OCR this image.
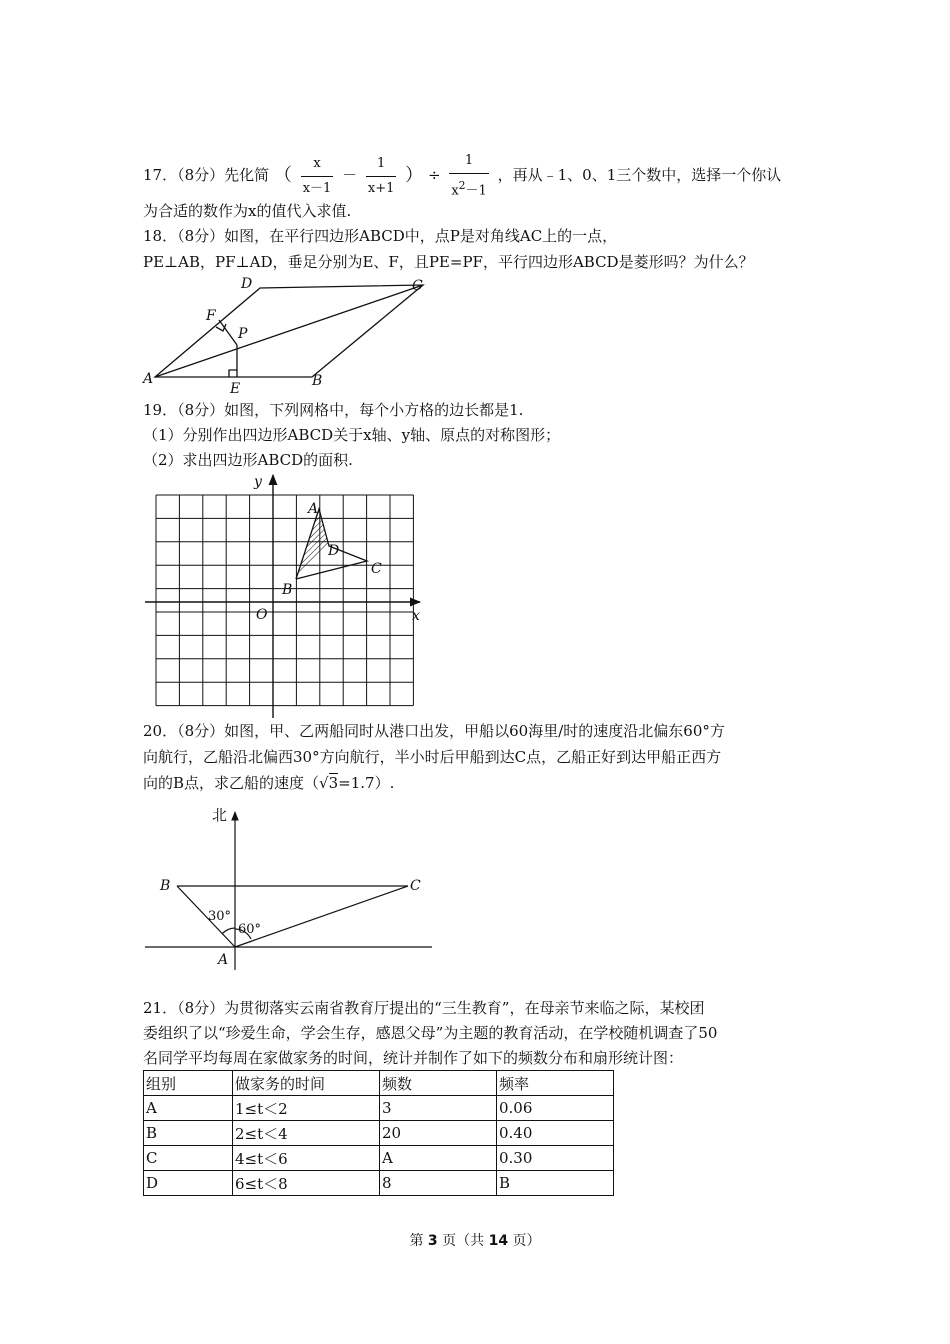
17．（8分）先化简 （ $\frac{x}{x-1} - \frac{1}{x+1}$ ） ÷ $\frac{1}{x^2-1}$ ，再从﹣1、0、1三个数中，选择一个你认
为合适的数作为x的值代入求值.
18．（8分）如图，在平行四边形ABCD中，点P是对角线AC上的一点，
PE⊥AB，PF⊥AD，垂足分别为E、F，且PE=PF，平行四边形ABCD是菱形吗？为什么？
A	B
C
D
E
F
P
19．（8分）如图，下列网格中，每个小方格的边长都是1.
（1）分别作出四边形ABCD关于x轴、y轴、原点的对称图形；
（2）求出四边形ABCD的面积.
y
x
O
A
B
C
D
20．（8分）如图，甲、乙两船同时从港口出发，甲船以60海里/时的速度沿北偏东60°方
向航行，乙船沿北偏西30°方向航行，半小时后甲船到达C点，乙船正好到达甲船正西方
向的B点，求乙船的速度（√3=1.7）.
北
B	C
A
30°
60°
21．（8分）为贯彻落实云南省教育厅提出的“三生教育”，在母亲节来临之际，某校团
委组织了以“珍爱生命，学会生存，感恩父母”为主题的教育活动，在学校随机调查了50
名同学平均每周在家做家务的时间，统计并制作了如下的频数分布和扇形统计图：
组别	做家务的时间	频数	频率
A	1≤t＜2	3	0.06
B	2≤t＜4	20	0.40
C	4≤t＜6	A	0.30
D	6≤t＜8	8	B
第 3 页（共 14 页）
